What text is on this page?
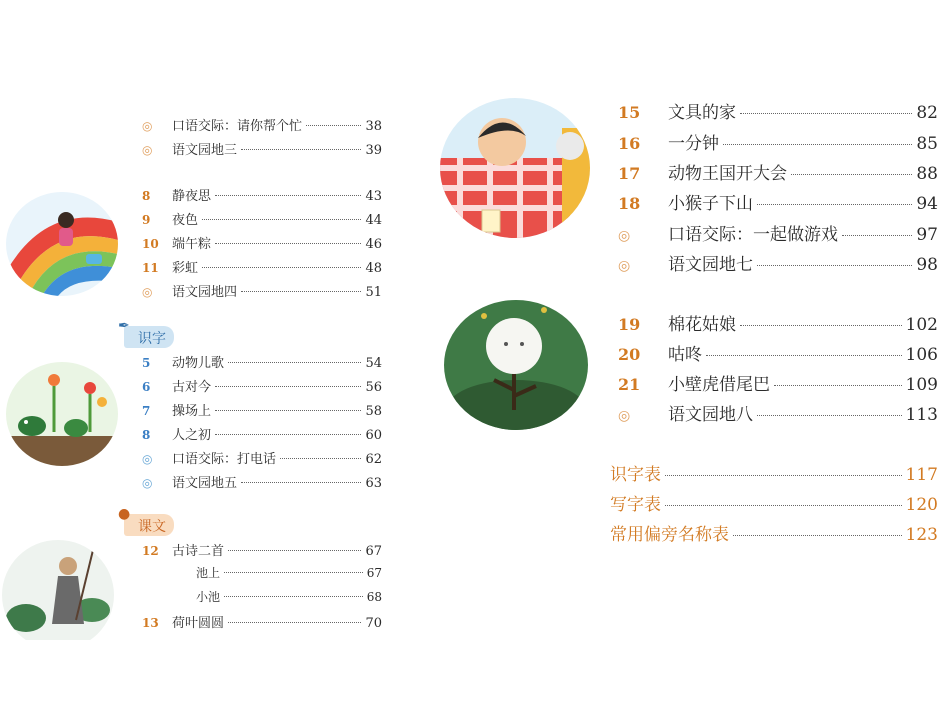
◎	口语交际：请你帮个忙	38
◎	语文园地三	39
8	静夜思	43
9	夜色	44
10	端午粽	46
11	彩虹	48
◎	语文园地四	51
✒
识字
5	动物儿歌	54
6	古对今	56
7	操场上	58
8	人之初	60
◎	口语交际：打电话	62
◎	语文园地五	63
●
课文
12	古诗二首	67
池上	67
小池	68
13	荷叶圆圆	70
15	文具的家	82
16	一分钟	85
17	动物王国开大会	88
18	小猴子下山	94
◎	口语交际：一起做游戏	97
◎	语文园地七	98
19	棉花姑娘	102
20	咕咚	106
21	小壁虎借尾巴	109
◎	语文园地八	113
识字表	117
写字表	120
常用偏旁名称表	123
